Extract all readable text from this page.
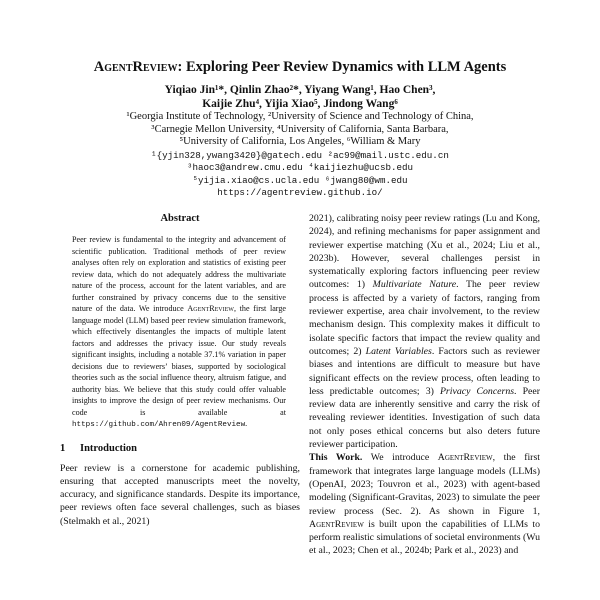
AgentReview: Exploring Peer Review Dynamics with LLM Agents
Yiqiao Jin¹*, Qinlin Zhao²*, Yiyang Wang¹, Hao Chen³,
Kaijie Zhu⁴, Yijia Xiao⁵, Jindong Wang⁶
¹Georgia Institute of Technology, ²University of Science and Technology of China,
³Carnegie Mellon University, ⁴University of California, Santa Barbara,
⁵University of California, Los Angeles, ⁶William & Mary
¹{yjin328,ywang3420}@gatech.edu ²ac99@mail.ustc.edu.cn
³haoc3@andrew.cmu.edu ⁴kaijiezhu@ucsb.edu
⁵yijia.xiao@cs.ucla.edu ⁶jwang80@wm.edu
https://agentreview.github.io/
Abstract
Peer review is fundamental to the integrity and advancement of scientific publication. Traditional methods of peer review analyses often rely on exploration and statistics of existing peer review data, which do not adequately address the multivariate nature of the process, account for the latent variables, and are further constrained by privacy concerns due to the sensitive nature of the data. We introduce AgentReview, the first large language model (LLM) based peer review simulation framework, which effectively disentangles the impacts of multiple latent factors and addresses the privacy issue. Our study reveals significant insights, including a notable 37.1% variation in paper decisions due to reviewers’ biases, supported by sociological theories such as the social influence theory, altruism fatigue, and authority bias. We believe that this study could offer valuable insights to improve the design of peer review mechanisms. Our code is available at https://github.com/Ahren09/AgentReview.
1 Introduction

Peer review is a cornerstone for academic publishing, ensuring that accepted manuscripts meet the novelty, accuracy, and significance standards. Despite its importance, peer reviews often face several challenges, such as biases (Stelmakh et al., 2021)

2021), calibrating noisy peer review ratings (Lu and Kong, 2024), and refining mechanisms for paper assignment and reviewer expertise matching (Xu et al., 2024; Liu et al., 2023b). However, several challenges persist in systematically exploring factors influencing peer review outcomes: 1) Multivariate Nature. The peer review process is affected by a variety of factors, ranging from reviewer expertise, area chair involvement, to the review mechanism design. This complexity makes it difficult to isolate specific factors that impact the review quality and outcomes; 2) Latent Variables. Factors such as reviewer biases and intentions are difficult to measure but have significant effects on the review process, often leading to less predictable outcomes; 3) Privacy Concerns. Peer review data are inherently sensitive and carry the risk of revealing reviewer identities. Investigation of such data not only poses ethical concerns but also deters future reviewer participation.

This Work. We introduce AgentReview, the first framework that integrates large language models (LLMs) (OpenAI, 2023; Touvron et al., 2023) with agent-based modeling (Significant-Gravitas, 2023) to simulate the peer review process (Sec. 2). As shown in Figure 1, AgentReview is built upon the capabilities of LLMs to perform realistic simulations of societal environments (Wu et al., 2023; Chen et al., 2024b; Park et al., 2023) and
